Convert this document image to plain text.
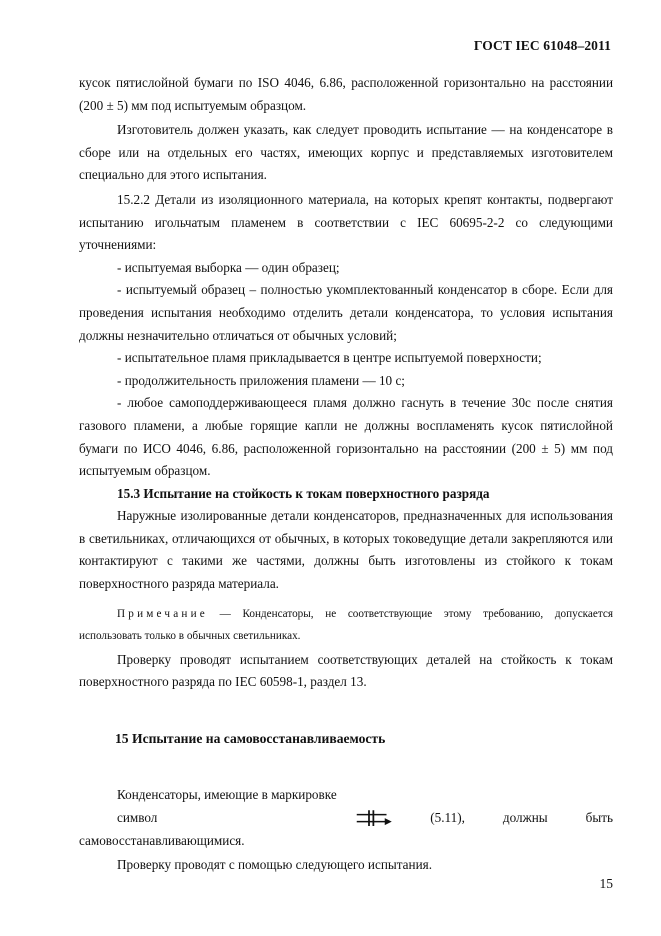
ГОСТ IEC 61048–2011

кусок пятислойной бумаги по ISO 4046, 6.86, расположенной горизонтально на расстоянии

(200 ± 5) мм под испытуемым образцом.

Изготовитель должен указать, как следует проводить испытание — на конденсаторе в сборе или на отдельных его частях, имеющих корпус и представляемых изготовителем специально для этого испытания.

15.2.2 Детали из изоляционного материала, на которых крепят контакты, подвергают испытанию игольчатым пламенем в соответствии с IEC 60695-2-2 со следующими уточнениями:

- испытуемая выборка — один образец;

- испытуемый образец – полностью укомплектованный конденсатор в сборе. Если для проведения испытания необходимо отделить детали конденсатора, то условия испытания должны незначительно отличаться от обычных условий;

- испытательное пламя прикладывается в центре испытуемой поверхности;

- продолжительность приложения пламени –– 10 с;

- любое самоподдерживающееся пламя должно гаснуть в течение 30с после снятия газового пламени, а любые горящие капли не должны воспламенять кусок пятислойной бумаги по ИСО 4046, 6.86, расположенной горизонтально на расстоянии (200 ± 5) мм под испытуемым образцом.

15.3 Испытание на стойкость к токам поверхностного разряда

Наружные изолированные детали конденсаторов, предназначенных для использования в светильниках, отличающихся от обычных, в которых токоведущие детали закрепляются или контактируют с такими же частями, должны быть изготовлены из стойкого к токам поверхностного разряда материала.

Примечание — Конденсаторы, не соответствующие этому требованию, допускается использовать только в обычных светильниках.

Проверку проводят испытанием соответствующих деталей на стойкость к токам поверхностного разряда по IEC 60598-1, раздел 13.

15 Испытание на самовосстанавливаемость

Конденсаторы, имеющие в маркировке символ	(5.11),	должны	быть

самовосстанавливающимися.

Проверку проводят с помощью следующего испытания.

15
